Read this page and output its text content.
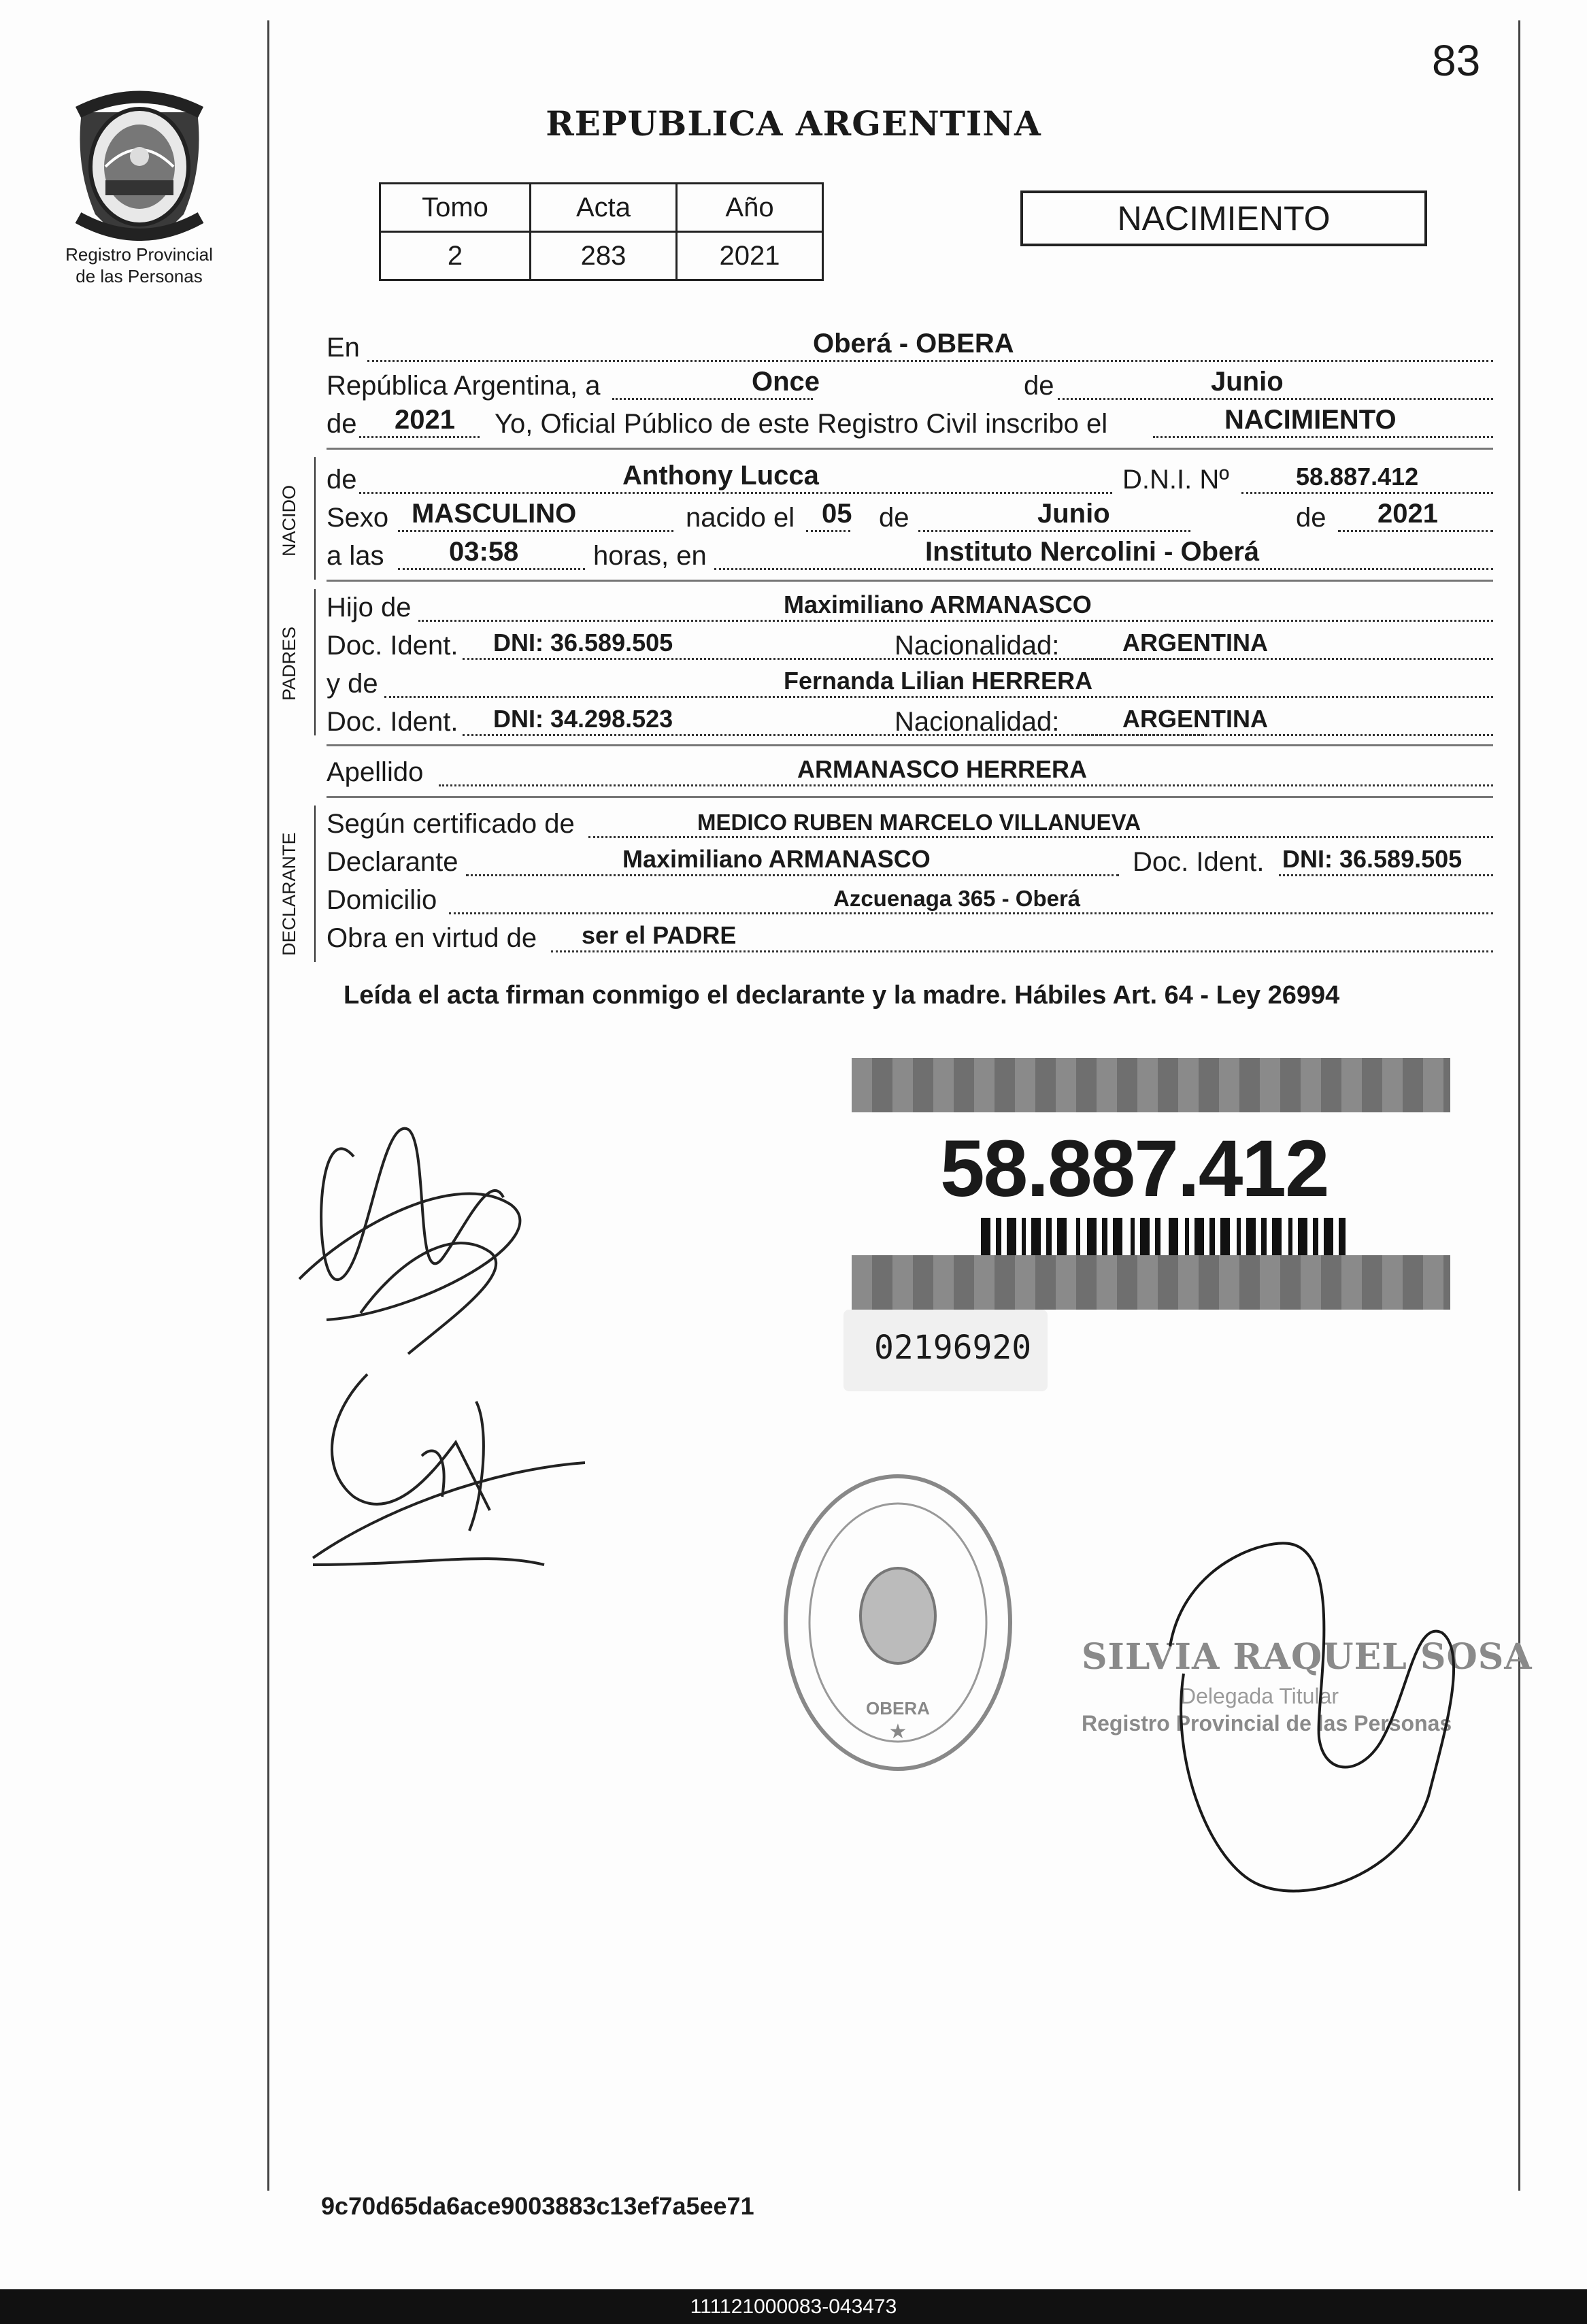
83
Registro Provincial
de las Personas
REPUBLICA ARGENTINA
Tomo	Acta	Año
2	283	2021
NACIMIENTO
En	Oberá - OBERA
República Argentina, a	Once	de	Junio
de 2021 Yo, Oficial Público de este Registro Civil inscribo el	NACIMIENTO
NACIDO
de	Anthony Lucca	D.N.I. Nº	58.887.412
Sexo MASCULINO	nacido el 05 de	Junio	de 2021
a las 03:58	horas, en	Instituto Nercolini - Oberá
PADRES
Hijo de	Maximiliano ARMANASCO
Doc. Ident. DNI: 36.589.505	Nacionalidad:	ARGENTINA
y de	Fernanda Lilian HERRERA
Doc. Ident. DNI: 34.298.523	Nacionalidad:	ARGENTINA
Apellido	ARMANASCO HERRERA
DECLARANTE
Según certificado de	MEDICO RUBEN MARCELO VILLANUEVA
Declarante	Maximiliano ARMANASCO	Doc. Ident. DNI: 36.589.505
Domicilio	Azcuenaga 365 - Oberá
Obra en virtud de ser el PADRE
Leída el acta firman conmigo el declarante y la madre. Hábiles Art. 64 - Ley 26994
58.887.412
02196920
OBERA
★
SILVIA RAQUEL SOSA
Delegada Titular
Registro Provincial de las Personas
9c70d65da6ace9003883c13ef7a5ee71
111121000083-043473
